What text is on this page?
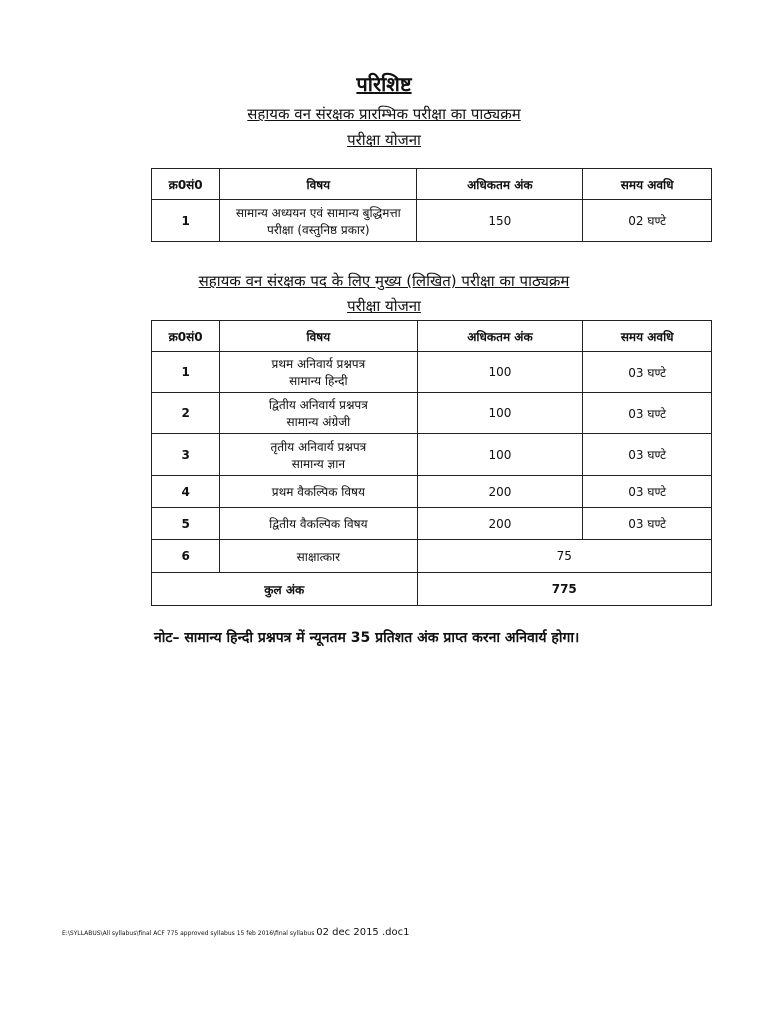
परिशिष्ट
सहायक वन संरक्षक प्रारम्भिक परीक्षा का पाठ्यक्रम
परीक्षा योजना
क्र0सं0	विषय	अधिकतम अंक	समय अवधि
1	सामान्य अध्ययन एवं सामान्य बुद्धिमत्ता
परीक्षा (वस्तुनिष्ठ प्रकार)	150	02 घण्टे
सहायक वन संरक्षक पद के लिए मुख्य (लिखित) परीक्षा का पाठ्यक्रम
परीक्षा योजना
क्र0सं0	विषय	अधिकतम अंक	समय अवधि
1	प्रथम अनिवार्य प्रश्नपत्र
सामान्य हिन्दी	100	03 घण्टे
2	द्वितीय अनिवार्य प्रश्नपत्र
सामान्य अंग्रेजी	100	03 घण्टे
3	तृतीय अनिवार्य प्रश्नपत्र
सामान्य ज्ञान	100	03 घण्टे
4	प्रथम वैकल्पिक विषय	200	03 घण्टे
5	द्वितीय वैकल्पिक विषय	200	03 घण्टे
6	साक्षात्कार	75	
कुल अंक		775	
नोट– सामान्य हिन्दी प्रश्नपत्र में न्यूनतम 35 प्रतिशत अंक प्राप्त करना अनिवार्य होगा।
E:\SYLLABUS\All syllabus\final ACF 775 approved syllabus 15 feb 2016\final syllabus 02 dec 2015 .doc1
